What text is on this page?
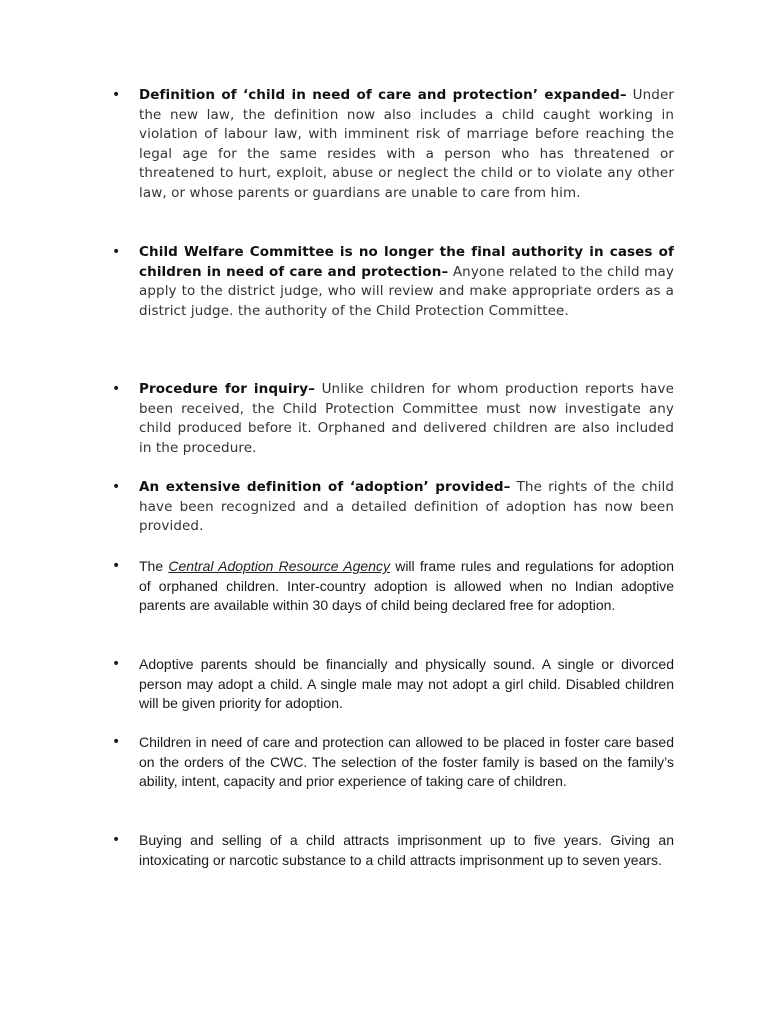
•	Definition of ‘child in need of care and protection’ expanded– Under the new law, the definition now also includes a child caught working in violation of labour law, with imminent risk of marriage before reaching the legal age for the same resides with a person who has threatened or threatened to hurt, exploit, abuse or neglect the child or to violate any other law, or whose parents or guardians are unable to care from him.
•	Child Welfare Committee is no longer the final authority in cases of children in need of care and protection– Anyone related to the child may apply to the district judge, who will review and make appropriate orders as a district judge. the authority of the Child Protection Committee.
•	Procedure for inquiry– Unlike children for whom production reports have been received, the Child Protection Committee must now investigate any child produced before it. Orphaned and delivered children are also included in the procedure.
•	An extensive definition of ‘adoption’ provided– The rights of the child have been recognized and a detailed definition of adoption has now been provided.
•	The Central Adoption Resource Agency will frame rules and regulations for adoption of orphaned children. Inter-country adoption is allowed when no Indian adoptive parents are available within 30 days of child being declared free for adoption.
•	Adoptive parents should be financially and physically sound. A single or divorced person may adopt a child. A single male may not adopt a girl child. Disabled children will be given priority for adoption.
•	Children in need of care and protection can allowed to be placed in foster care based on the orders of the CWC. The selection of the foster family is based on the family’s ability, intent, capacity and prior experience of taking care of children.
•	Buying and selling of a child attracts imprisonment up to five years. Giving an intoxicating or narcotic substance to a child attracts imprisonment up to seven years.
